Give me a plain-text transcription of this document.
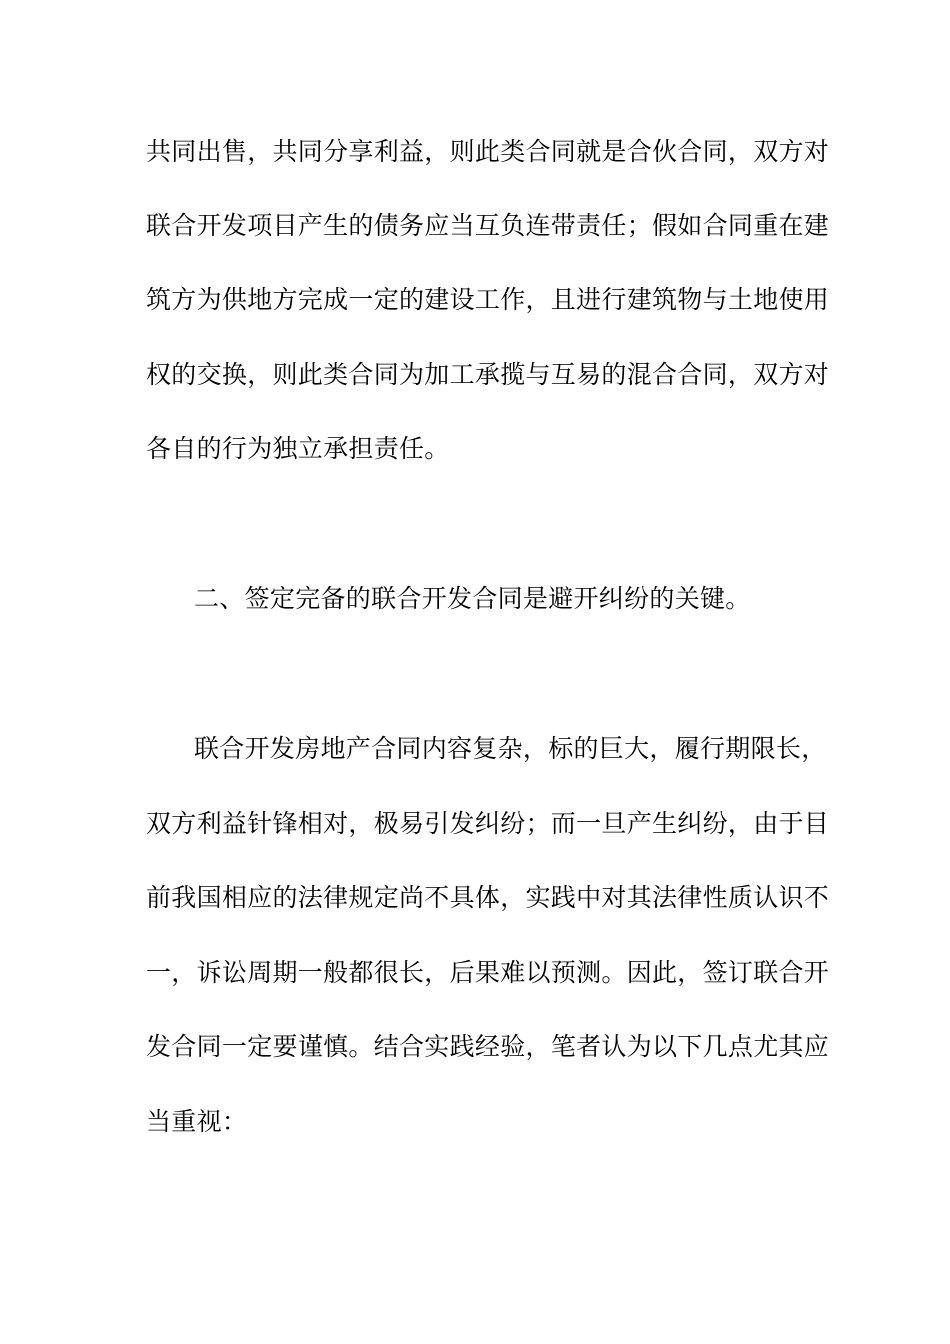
共同出售，共同分享利益，则此类合同就是合伙合同，双方对
联合开发项目产生的债务应当互负连带责任；假如合同重在建
筑方为供地方完成一定的建设工作，且进行建筑物与土地使用
权的交换，则此类合同为加工承揽与互易的混合合同，双方对
各自的行为独立承担责任。
二、签定完备的联合开发合同是避开纠纷的关键。
联合开发房地产合同内容复杂，标的巨大，履行期限长，
双方利益针锋相对，极易引发纠纷；而一旦产生纠纷，由于目
前我国相应的法律规定尚不具体，实践中对其法律性质认识不
一，诉讼周期一般都很长，后果难以预测。因此，签订联合开
发合同一定要谨慎。结合实践经验，笔者认为以下几点尤其应
当重视：
